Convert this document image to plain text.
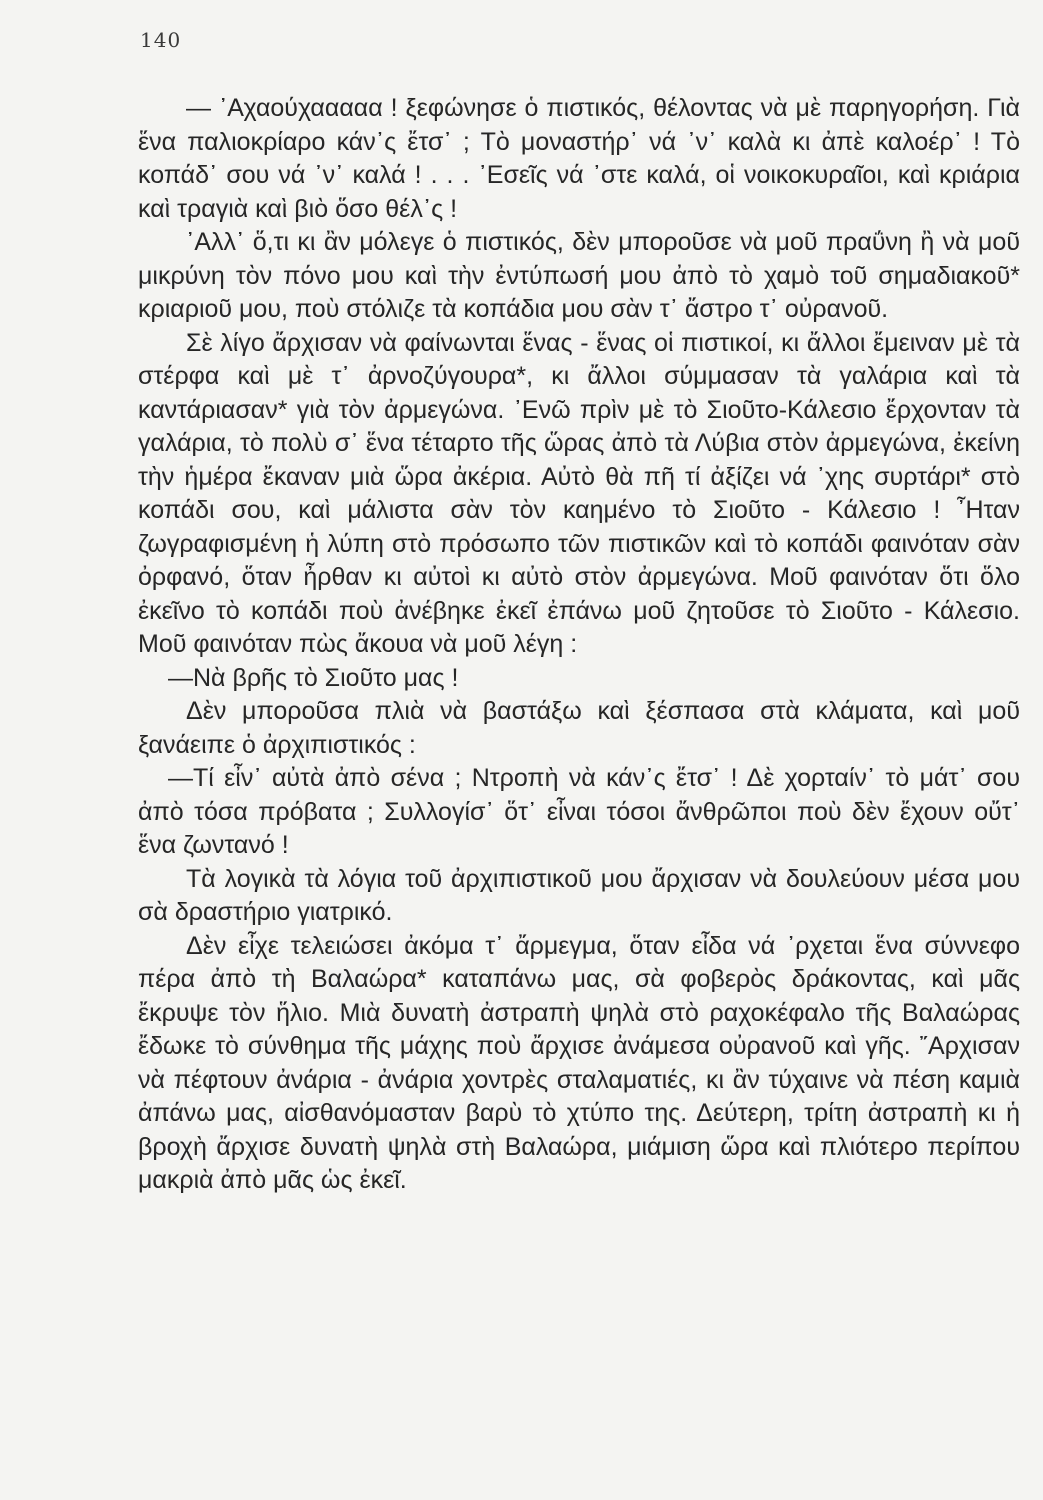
140

— ᾿Αχαούχααααα ! ξεφώνησε ὁ πιστικός, θέλοντας νὰ μὲ παρηγορήση. Γιὰ ἕνα παλιοκρίαρο κάν᾿ς ἔτσ᾿ ; Τὸ μοναστήρ᾿ νά ᾿ν᾿ καλὰ κι ἀπὲ καλοέρ᾿ ! Τὸ κοπάδ᾿ σου νά ᾿ν᾿ καλά ! . . . ᾿Εσεῖς νά ᾿στε καλά, οἱ νοικοκυραῖοι, καὶ κριάρια καὶ τραγιὰ καὶ βιὸ ὅσο θέλ᾿ς !

᾿Αλλ᾿ ὅ,τι κι ἂν μόλεγε ὁ πιστικός, δὲν μποροῦσε νὰ μοῦ πραΰνη ἢ νὰ μοῦ μικρύνη τὸν πόνο μου καὶ τὴν ἐντύπωσή μου ἀπὸ τὸ χαμὸ τοῦ σημαδιακοῦ* κριαριοῦ μου, ποὺ στόλιζε τὰ κοπάδια μου σὰν τ᾿ ἄστρο τ᾿ οὐρανοῦ.

Σὲ λίγο ἄρχισαν νὰ φαίνωνται ἕνας - ἕνας οἱ πιστικοί, κι ἄλλοι ἔμειναν μὲ τὰ στέρφα καὶ μὲ τ᾿ ἀρνοζύγουρα*, κι ἄλλοι σύμμασαν τὰ γαλάρια καὶ τὰ καντάριασαν* γιὰ τὸν ἀρμεγώνα. ᾿Ενῶ πρὶν μὲ τὸ Σιοῦτο-Κάλεσιο ἔρχονταν τὰ γαλάρια, τὸ πολὺ σ᾿ ἕνα τέταρτο τῆς ὥρας ἀπὸ τὰ Λύβια στὸν ἀρμεγώνα, ἐκείνη τὴν ἡμέρα ἔκαναν μιὰ ὥρα ἀκέρια. Αὐτὸ θὰ πῆ τί ἀξίζει νά ᾿χης συρτάρι* στὸ κοπάδι σου, καὶ μάλιστα σὰν τὸν καημένο τὸ Σιοῦτο - Κάλεσιο ! ῏Ηταν ζωγραφισμένη ἡ λύπη στὸ πρόσωπο τῶν πιστικῶν καὶ τὸ κοπάδι φαινόταν σὰν ὀρφανό, ὅταν ἦρθαν κι αὐτοὶ κι αὐτὸ στὸν ἀρμεγώνα. Μοῦ φαινόταν ὅτι ὅλο ἐκεῖνο τὸ κοπάδι ποὺ ἀνέβηκε ἐκεῖ ἐπάνω μοῦ ζητοῦσε τὸ Σιοῦτο - Κάλεσιο. Μοῦ φαινόταν πὼς ἄκουα νὰ μοῦ λέγη :

—Νὰ βρῆς τὸ Σιοῦτο μας !

Δὲν μποροῦσα πλιὰ νὰ βαστάξω καὶ ξέσπασα στὰ κλάματα, καὶ μοῦ ξανάειπε ὁ ἀρχιπιστικός :

—Τί εἶν᾿ αὐτὰ ἀπὸ σένα ; Ντροπὴ νὰ κάν᾿ς ἔτσ᾿ ! Δὲ χορταίν᾿ τὸ μάτ᾿ σου ἀπὸ τόσα πρόβατα ; Συλλογίσ᾿ ὅτ᾿ εἶναι τόσοι ἄνθρῶποι ποὺ δὲν ἔχουν οὔτ᾿ ἕνα ζωντανό !

Τὰ λογικὰ τὰ λόγια τοῦ ἀρχιπιστικοῦ μου ἄρχισαν νὰ δουλεύουν μέσα μου σὰ δραστήριο γιατρικό.

Δὲν εἶχε τελειώσει ἀκόμα τ᾿ ἄρμεγμα, ὅταν εἶδα νά ᾿ρχεται ἕνα σύννεφο πέρα ἀπὸ τὴ Βαλαώρα* καταπάνω μας, σὰ φοβερὸς δράκοντας, καὶ μᾶς ἔκρυψε τὸν ἥλιο. Μιὰ δυνατὴ ἀστραπὴ ψηλὰ στὸ ραχοκέφαλο τῆς Βαλαώρας ἔδωκε τὸ σύνθημα τῆς μάχης ποὺ ἄρχισε ἀνάμεσα οὐρανοῦ καὶ γῆς. ῎Αρχισαν νὰ πέφτουν ἀνάρια - ἀνάρια χοντρὲς σταλαματιές, κι ἂν τύχαινε νὰ πέση καμιὰ ἀπάνω μας, αἰσθανόμασταν βαρὺ τὸ χτύπο της. Δεύτερη, τρίτη ἀστραπὴ κι ἡ βροχὴ ἄρχισε δυνατὴ ψηλὰ στὴ Βαλαώρα, μιάμιση ὥρα καὶ πλιότερο περίπου μακριὰ ἀπὸ μᾶς ὡς ἐκεῖ.
